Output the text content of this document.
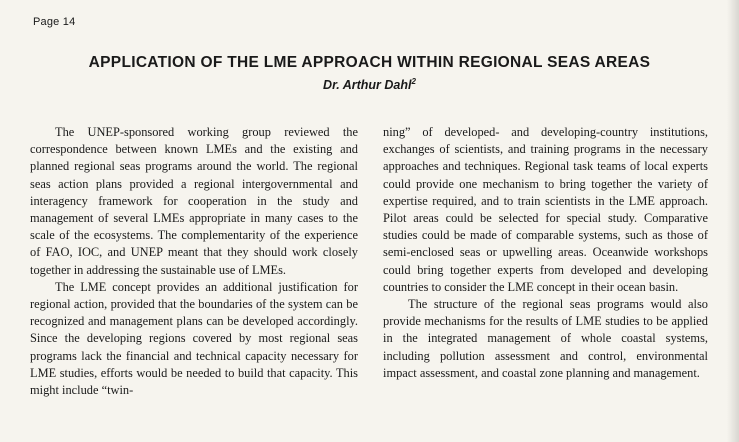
Page 14
APPLICATION OF THE LME APPROACH WITHIN REGIONAL SEAS AREAS
Dr. Arthur Dahl$^2$

The UNEP-sponsored working group reviewed the correspondence between known LMEs and the existing and planned regional seas programs around the world. The regional seas action plans provided a regional intergovernmental and interagency framework for cooperation in the study and management of several LMEs appropriate in many cases to the scale of the ecosystems. The complementarity of the experience of FAO, IOC, and UNEP meant that they should work closely together in addressing the sustainable use of LMEs.

The LME concept provides an additional justification for regional action, provided that the boundaries of the system can be recognized and management plans can be developed accordingly. Since the developing regions covered by most regional seas programs lack the financial and technical capacity necessary for LME studies, efforts would be needed to build that capacity. This might include “twin-

ning” of developed- and developing-country institutions, exchanges of scientists, and training programs in the necessary approaches and techniques. Regional task teams of local experts could provide one mechanism to bring together the variety of expertise required, and to train scientists in the LME approach. Pilot areas could be selected for special study. Comparative studies could be made of comparable systems, such as those of semi-enclosed seas or upwelling areas. Oceanwide workshops could bring together experts from developed and developing countries to consider the LME concept in their ocean basin.

The structure of the regional seas programs would also provide mechanisms for the results of LME studies to be applied in the integrated management of whole coastal systems, including pollution assessment and control, environmental impact assessment, and coastal zone planning and management.
